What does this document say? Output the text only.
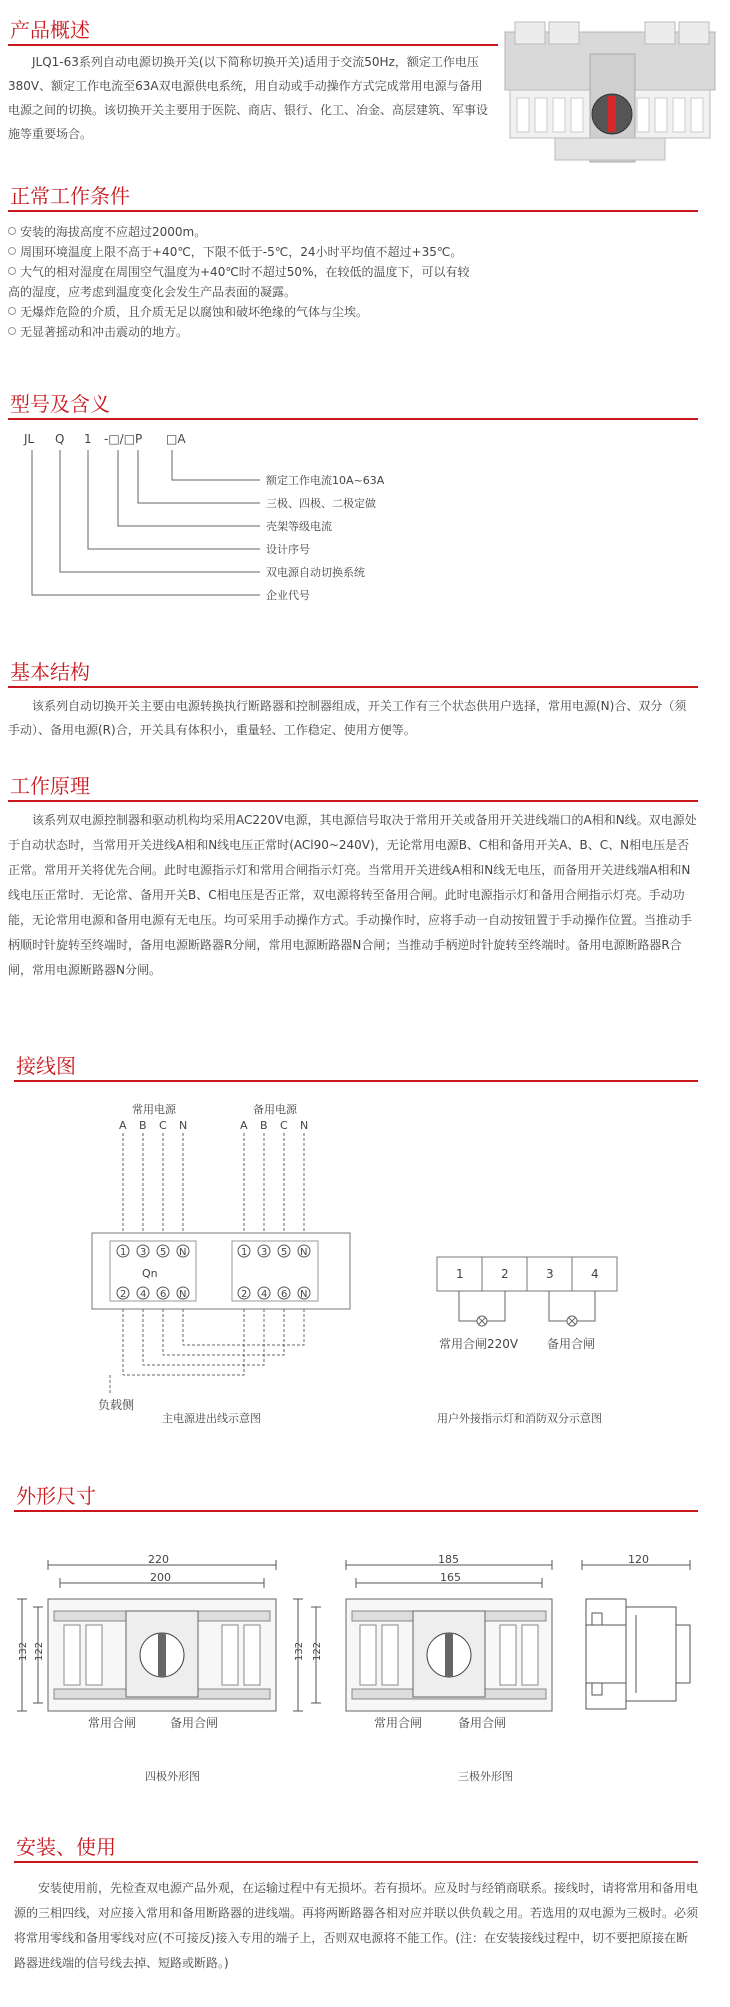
产品概述
JLQ1-63系列自动电源切换开关(以下简称切换开关)适用于交流50Hz，额定工作电压380V、额定工作电流至63A双电源供电系统，用自动或手动操作方式完成常用电源与备用电源之间的切换。该切换开关主要用于医院、商店、银行、化工、冶金、高层建筑、军事设施等重要场合。
正常工作条件
安装的海拔高度不应超过2000m。
周围环境温度上限不高于+40℃，下限不低于-5℃，24小时平均值不超过+35℃。
大气的相对湿度在周围空气温度为+40℃时不超过50%，在较低的温度下，可以有较高的湿度，应考虑到温度变化会发生产品表面的凝露。
无爆炸危险的介质，且介质无足以腐蚀和破坏绝缘的气体与尘埃。
无显著摇动和冲击震动的地方。
型号及含义
JL Q 1 -□/□P □A
额定工作电流10A~63A
三极、四极、二极定做
壳架等级电流
设计序号
双电源自动切换系统
企业代号
基本结构
该系列自动切换开关主要由电源转换执行断路器和控制器组成，开关工作有三个状态供用户选择，常用电源(N)合、双分（须手动）、备用电源(R)合，开关具有体积小，重量轻、工作稳定、使用方便等。
工作原理
该系列双电源控制器和驱动机构均采用AC220V电源，其电源信号取决于常用开关或备用开关进线端口的A相和N线。双电源处于自动状态时，当常用开关进线A相和N线电压正常时(ACl90~240V)，无论常用电源B、C相和备用开关A、B、C、N相电压是否正常。常用开关将优先合闸。此时电源指示灯和常用合闸指示灯亮。当常用开关进线A相和N线无电压，而备用开关进线端A相和N线电压正常时．无论常、备用开关B、C相电压是否正常，双电源将转至备用合闸。此时电源指示灯和备用合闸指示灯亮。手动功能，无论常用电源和备用电源有无电压。均可采用手动操作方式。手动操作时，应将手动一自动按钮置于手动操作位置。当推动手柄顺时针旋转至终端时，备用电源断路器R分闸，常用电源断路器N合闸；当推动手柄逆时针旋转至终端时。备用电源断路器R合闸，常用电源断路器N分闸。
接线图
常用电源	备用电源
A B C N	A B C N
1 3 5 N	1 3 5 N
2 4 6 N	2 4 6 N
Qn
负载侧
主电源进出线示意图
1	2	3	4
常用合闸220V 备用合闸
用户外接指示灯和消防双分示意图
外形尺寸
220
200
132 122
常用合闸	备用合闸
四极外形图
185
165
132 122
常用合闸	备用合闸
三极外形图
120
安装、使用
安装使用前，先检查双电源产品外观，在运输过程中有无损坏。若有损坏。应及时与经销商联系。接线时，请将常用和备用电源的三相四线，对应接入常用和备用断路器的进线端。再将两断路器各相对应并联以供负载之用。若选用的双电源为三极时。必须将常用零线和备用零线对应(不可接反)接入专用的端子上，否则双电源将不能工作。(注：在安装接线过程中，切不要把原接在断路器进线端的信号线去掉、短路或断路。)
